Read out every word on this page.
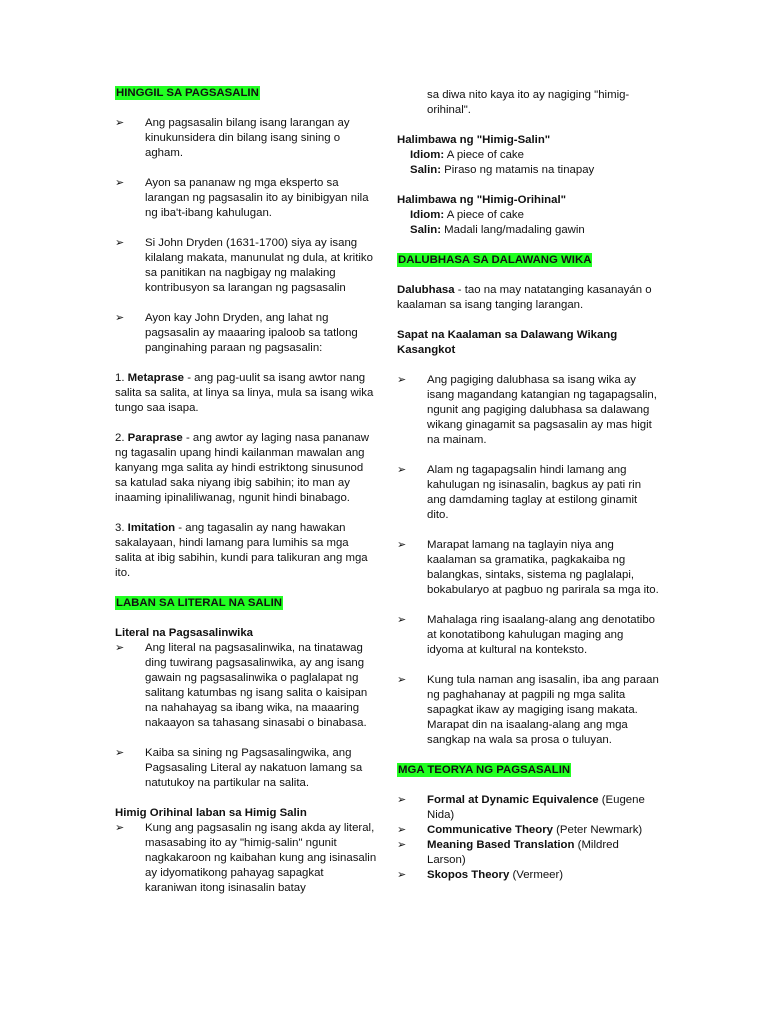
HINGGIL SA PAGSASALIN

➢ Ang pagsasalin bilang isang larangan ay kinukunsidera din bilang isang sining o agham.

➢ Ayon sa pananaw ng mga eksperto sa larangan ng pagsasalin ito ay binibigyan nila ng iba't-ibang kahulugan.

➢ Si John Dryden (1631-1700) siya ay isang kilalang makata, manunulat ng dula, at kritiko sa panitikan na nagbigay ng malaking kontribusyon sa larangan ng pagsasalin

➢ Ayon kay John Dryden, ang lahat ng pagsasalin ay maaaring ipaloob sa tatlong panginahing paraan ng pagsasalin:

1. Metaprase - ang pag-uulit sa isang awtor nang salita sa salita, at linya sa linya, mula sa isang wika tungo saa isapa.

2. Paraprase - ang awtor ay laging nasa pananaw ng tagasalin upang hindi kailanman mawalan ang kanyang mga salita ay hindi estriktong sinusunod sa katulad saka niyang ibig sabihin; ito man ay inaaming ipinaliliwanag, ngunit hindi binabago.

3. Imitation - ang tagasalin ay nang hawakan sakalayaan, hindi lamang para lumihis sa mga salita at ibig sabihin, kundi para talikuran ang mga ito.

LABAN SA LITERAL NA SALIN

Literal na Pagsasalinwika

➢ Ang literal na pagsasalinwika, na tinatawag ding tuwirang pagsasalinwika, ay ang isang gawain ng pagsasalinwika o paglalapat ng salitang katumbas ng isang salita o kaisipan na nahahayag sa ibang wika, na maaaring nakaayon sa tahasang sinasabi o binabasa.

➢ Kaiba sa sining ng Pagsasalingwika, ang Pagsasaling Literal ay nakatuon lamang sa natutukoy na partikular na salita.

Himig Orihinal laban sa Himig Salin

➢ Kung ang pagsasalin ng isang akda ay literal, masasabing ito ay "himig-salin" ngunit nagkakaroon ng kaibahan kung ang isinasalin ay idyomatikong pahayag sapagkat karaniwan itong isinasalin batay

sa diwa nito kaya ito ay nagiging "himig-orihinal".

Halimbawa ng "Himig-Salin"

Idiom: A piece of cake

Salin: Piraso ng matamis na tinapay

Halimbawa ng "Himig-Orihinal"

Idiom: A piece of cake

Salin: Madali lang/madaling gawin

DALUBHASA SA DALAWANG WIKA

Dalubhasa - tao na may natatanging kasanayán o kaalaman sa isang tanging larangan.

Sapat na Kaalaman sa Dalawang Wikang Kasangkot

➢ Ang pagiging dalubhasa sa isang wika ay isang magandang katangian ng tagapagsalin, ngunit ang pagiging dalubhasa sa dalawang wikang ginagamit sa pagsasalin ay mas higit na mainam.

➢ Alam ng tagapagsalin hindi lamang ang kahulugan ng isinasalin, bagkus ay pati rin ang damdaming taglay at estilong ginamit dito.

➢ Marapat lamang na taglayin niya ang kaalaman sa gramatika, pagkakaiba ng balangkas, sintaks, sistema ng paglalapi, bokabularyo at pagbuo ng parirala sa mga ito.

➢ Mahalaga ring isaalang-alang ang denotatibo at konotatibong kahulugan maging ang idyoma at kultural na konteksto.

➢ Kung tula naman ang isasalin, iba ang paraan ng paghahanay at pagpili ng mga salita sapagkat ikaw ay magiging isang makata. Marapat din na isaalang-alang ang mga sangkap na wala sa prosa o tuluyan.

MGA TEORYA NG PAGSASALIN

➢ Formal at Dynamic Equivalence (Eugene Nida)

➢ Communicative Theory (Peter Newmark)

➢ Meaning Based Translation (Mildred Larson)

➢ Skopos Theory (Vermeer)
